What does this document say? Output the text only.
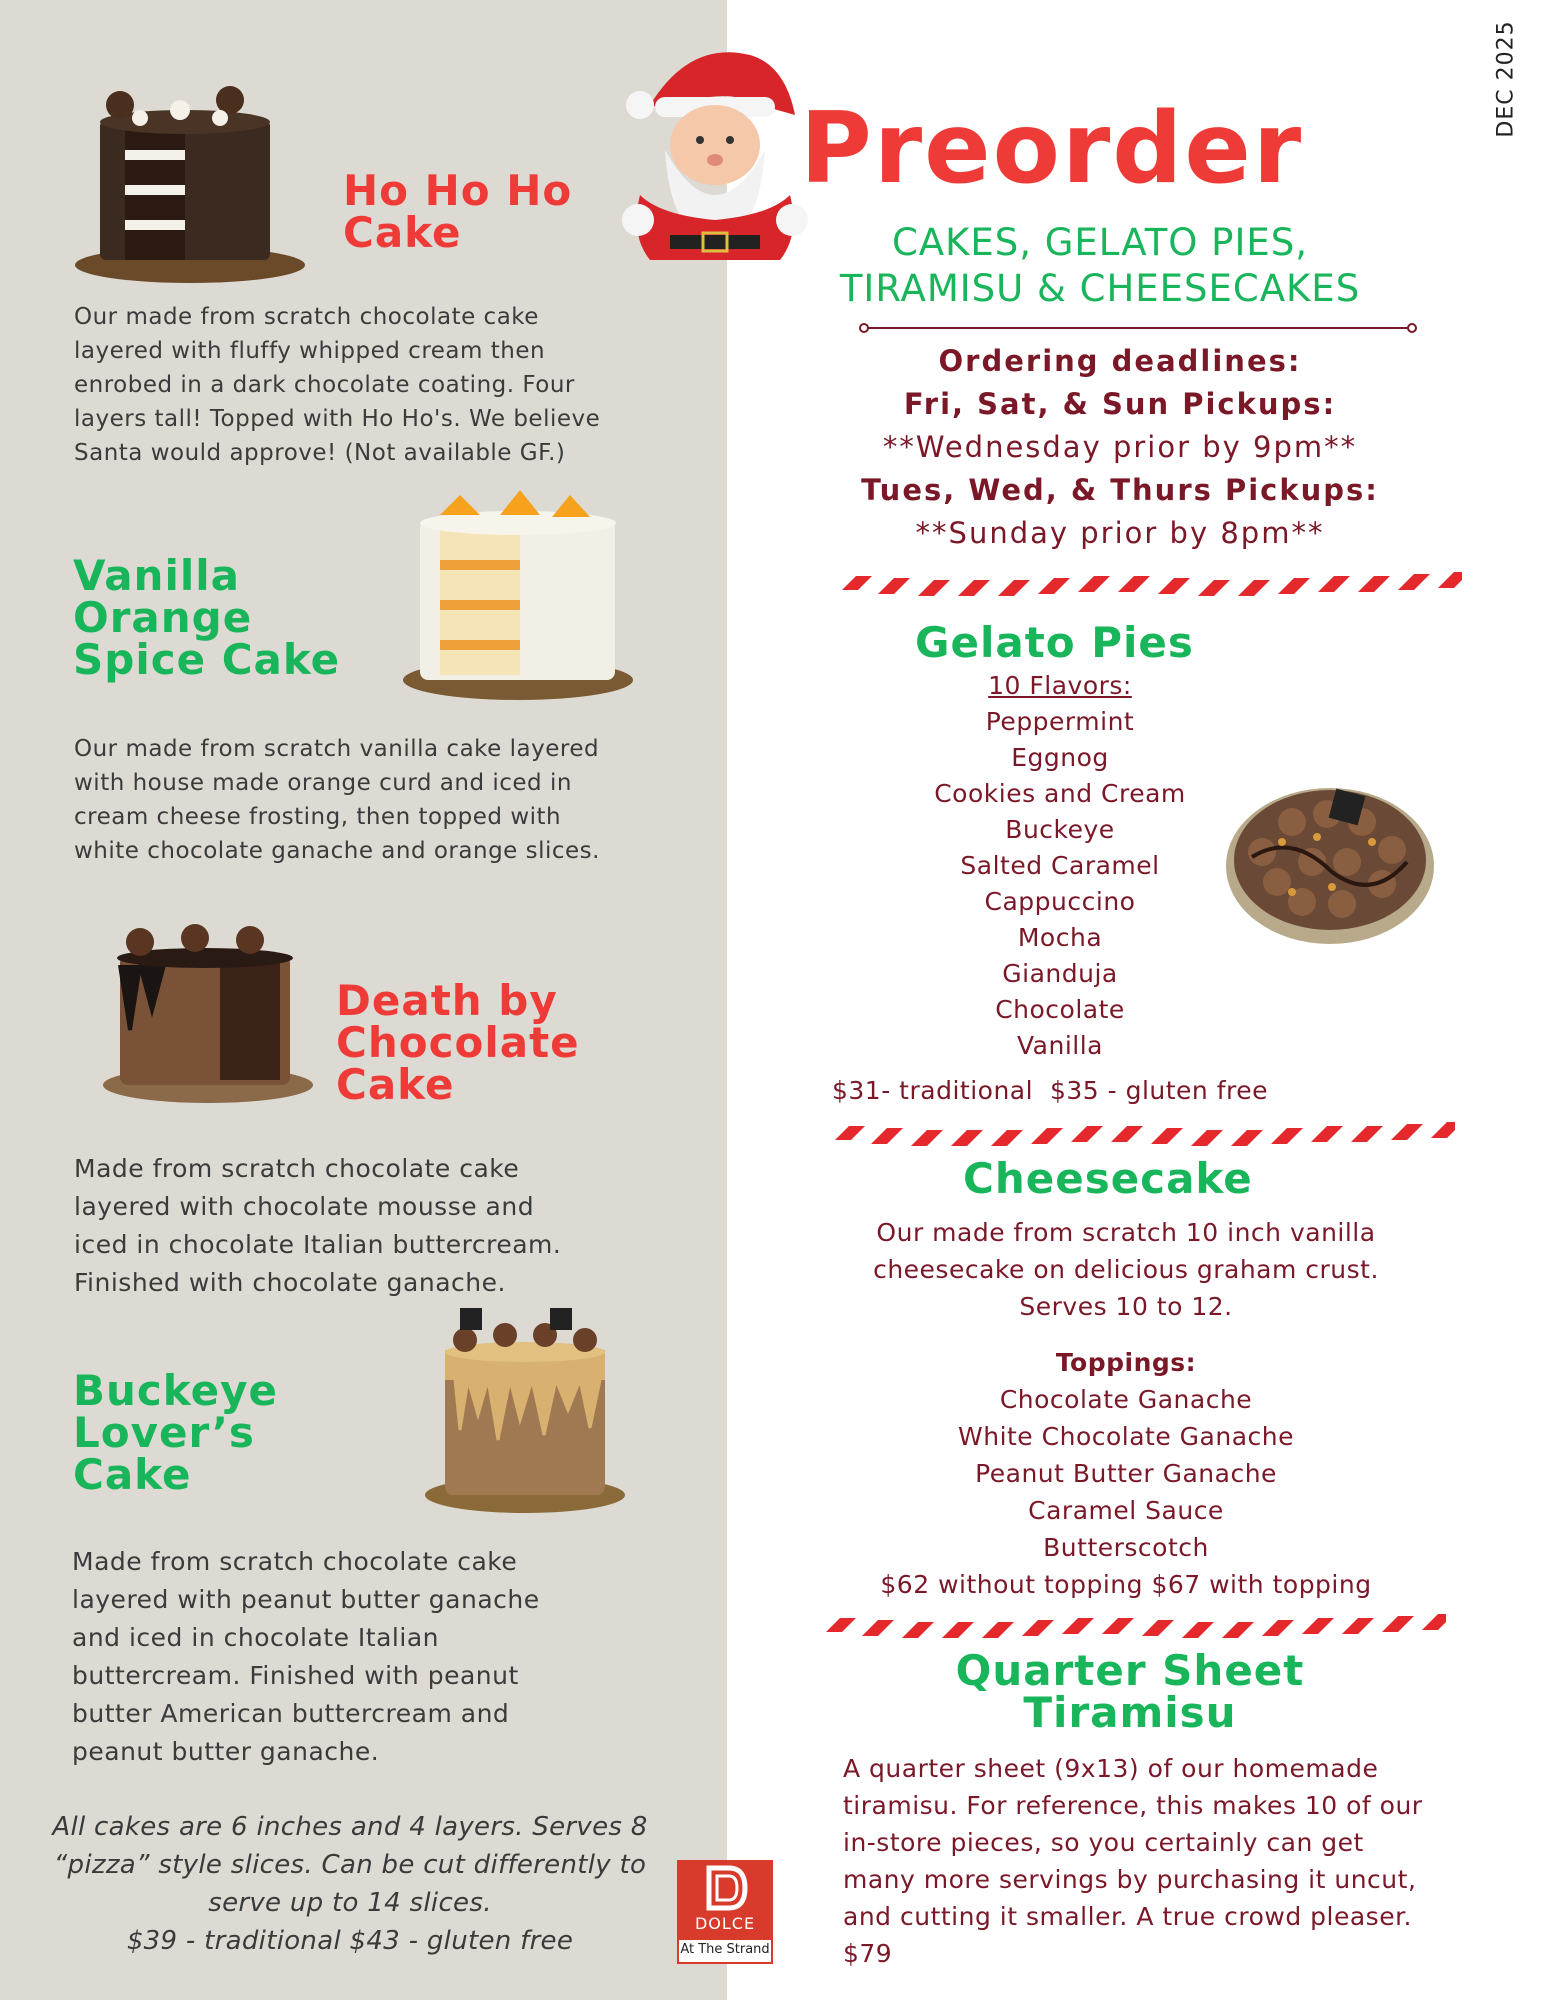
Ho Ho Ho
Cake
Our made from scratch chocolate cake
layered with fluffy whipped cream then
enrobed in a dark chocolate coating. Four
layers tall! Topped with Ho Ho's. We believe
Santa would approve! (Not available GF.)
Vanilla
Orange
Spice Cake
Our made from scratch vanilla cake layered
with house made orange curd and iced in
cream cheese frosting, then topped with
white chocolate ganache and orange slices.
Death by
Chocolate
Cake
Made from scratch chocolate cake
layered with chocolate mousse and
iced in chocolate Italian buttercream.
Finished with chocolate ganache.
Buckeye
Lover’s
Cake
Made from scratch chocolate cake
layered with peanut butter ganache
and iced in chocolate Italian
buttercream. Finished with peanut
butter American buttercream and
peanut butter ganache.
All cakes are 6 inches and 4 layers. Serves 8
“pizza” style slices. Can be cut differently to
serve up to 14 slices.
$39 - traditional $43 - gluten free
DOLCE
At The Strand
DEC 2025
Preorder
CAKES, GELATO PIES,
TIRAMISU & CHEESECAKES
Ordering deadlines:
Fri, Sat, & Sun Pickups:
**Wednesday prior by 9pm**
Tues, Wed, & Thurs Pickups:
**Sunday prior by 8pm**
Gelato Pies
10 Flavors:
Peppermint
Eggnog
Cookies and Cream
Buckeye
Salted Caramel
Cappuccino
Mocha
Gianduja
Chocolate
Vanilla
$31- traditional  $35 - gluten free
Cheesecake
Our made from scratch 10 inch vanilla
cheesecake on delicious graham crust.
Serves 10 to 12.
Toppings:
Chocolate Ganache
White Chocolate Ganache
Peanut Butter Ganache
Caramel Sauce
Butterscotch
$62 without topping $67 with topping
Quarter Sheet
Tiramisu
A quarter sheet (9x13) of our homemade
tiramisu. For reference, this makes 10 of our
in-store pieces, so you certainly can get
many more servings by purchasing it uncut,
and cutting it smaller. A true crowd pleaser.
$79
